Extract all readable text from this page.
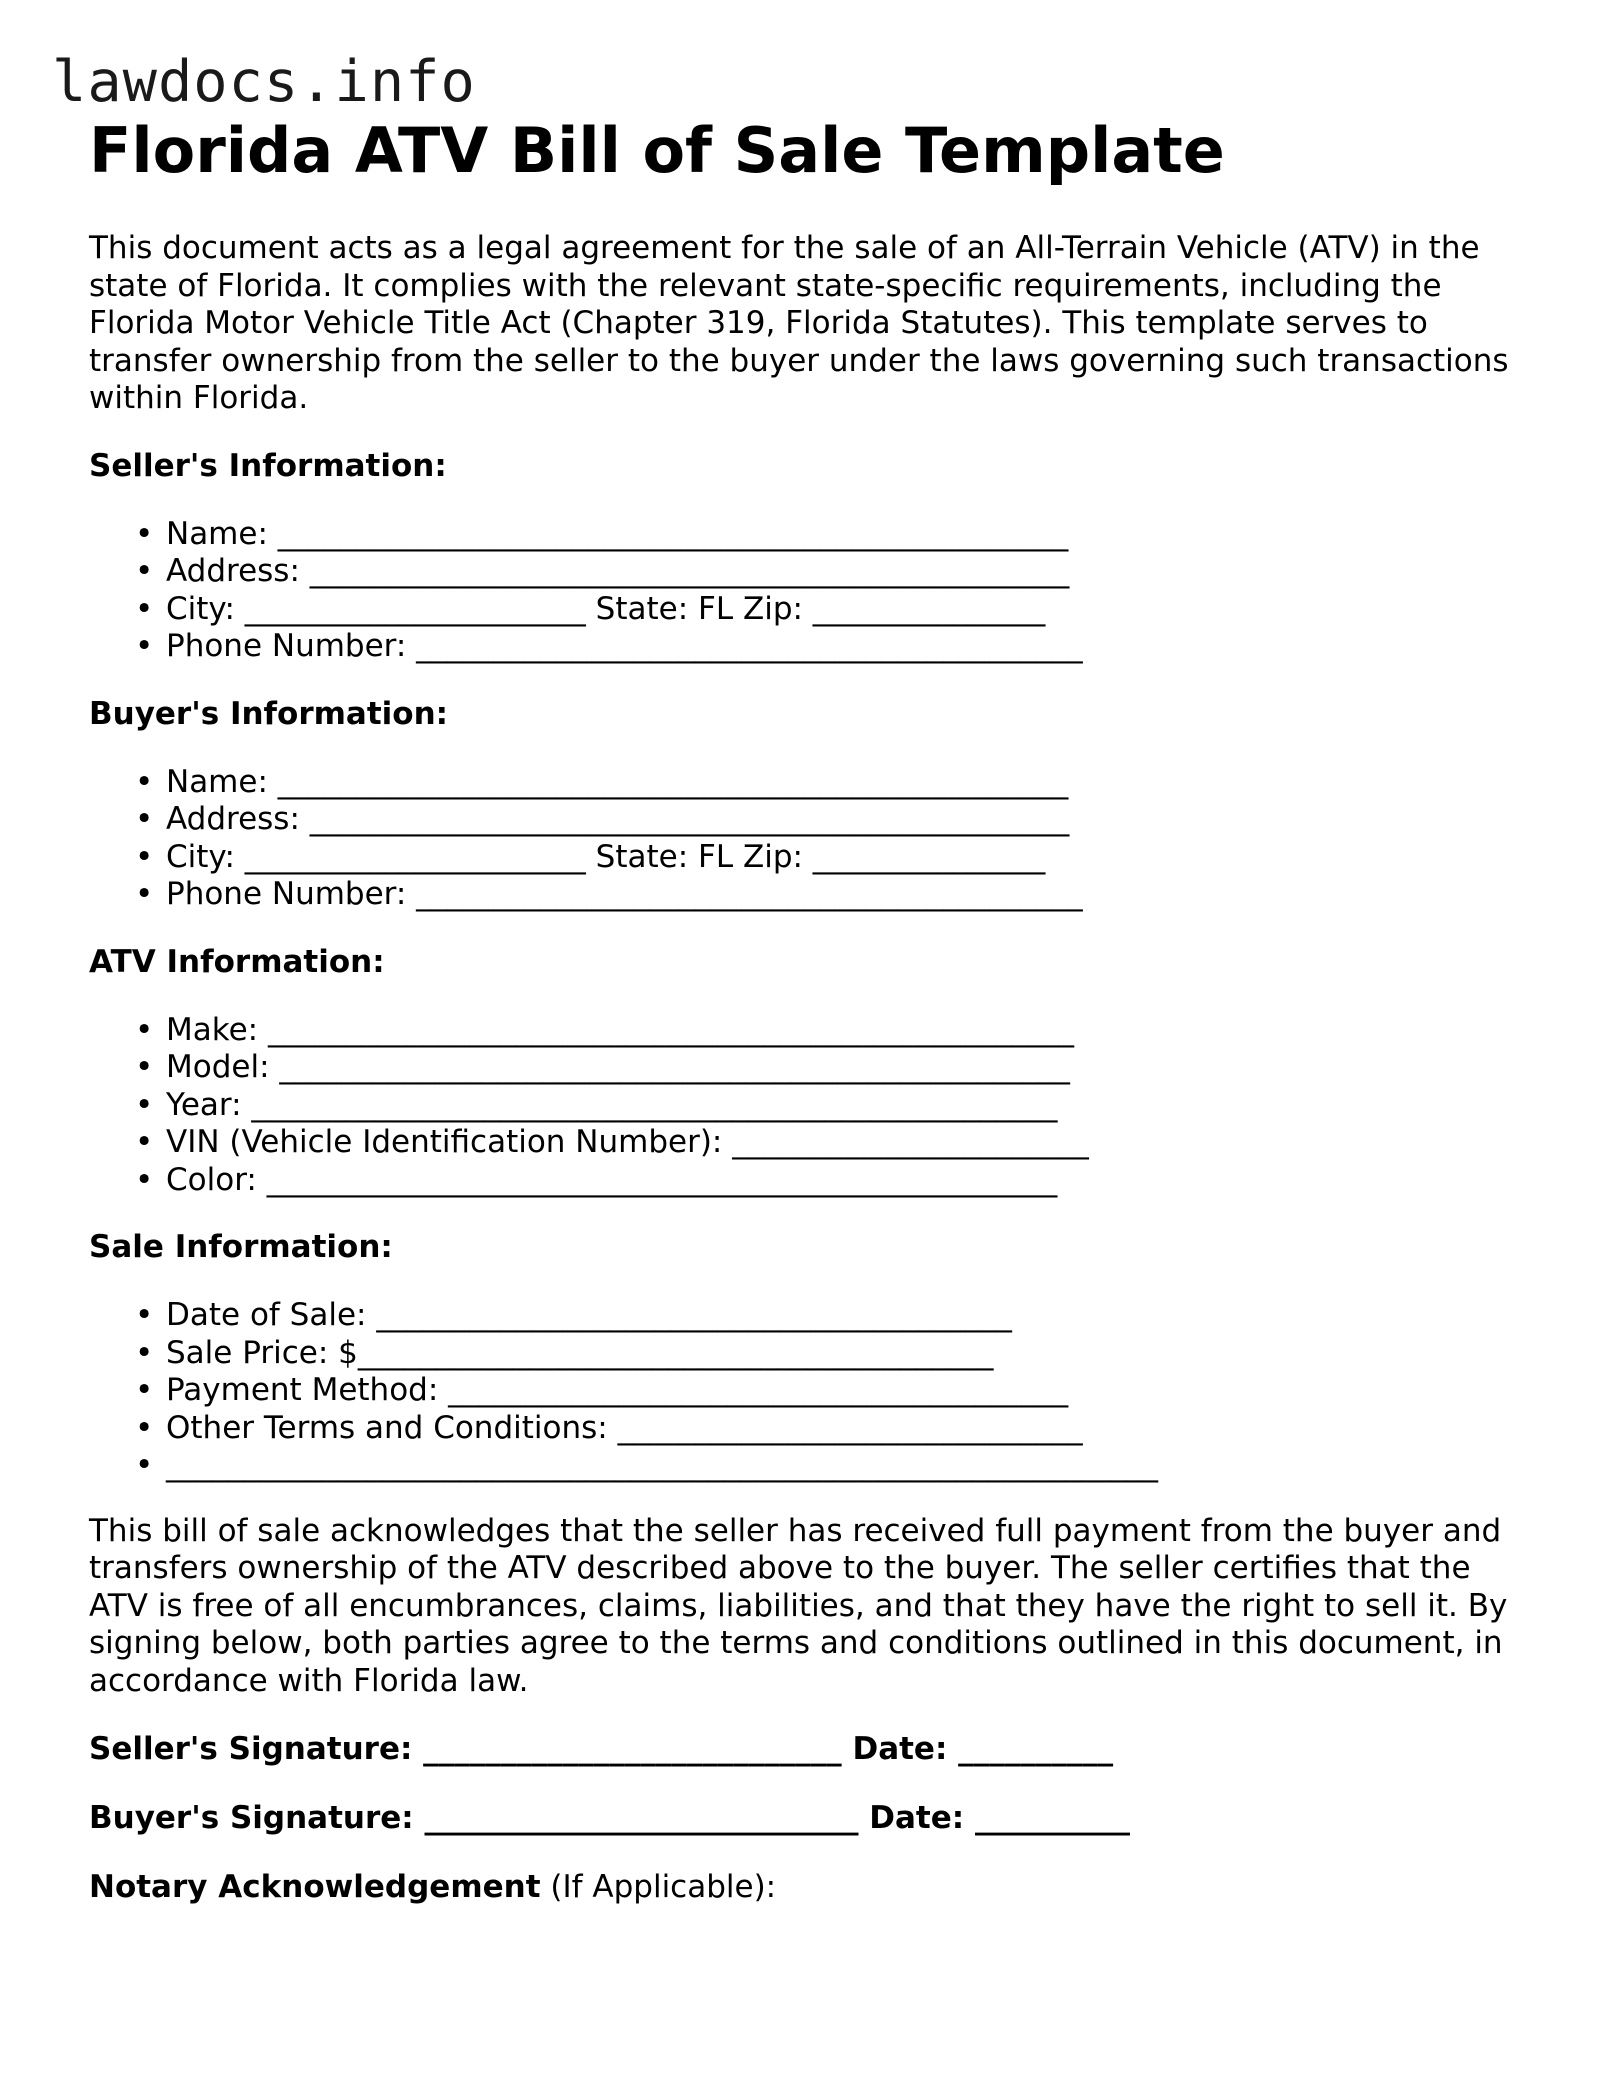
lawdocs.info
Florida ATV Bill of Sale Template

This document acts as a legal agreement for the sale of an All-Terrain Vehicle (ATV) in the state of Florida. It complies with the relevant state-specific requirements, including the Florida Motor Vehicle Title Act (Chapter 319, Florida Statutes). This template serves to transfer ownership from the seller to the buyer under the laws governing such transactions within Florida.

Seller's Information:
• Name: ___________________________________________________
• Address: _________________________________________________
• City: ______________________ State: FL Zip: _______________
• Phone Number: ___________________________________________
Buyer's Information:
• Name: ___________________________________________________
• Address: _________________________________________________
• City: ______________________ State: FL Zip: _______________
• Phone Number: ___________________________________________
ATV Information:
• Make: ____________________________________________________
• Model: ___________________________________________________
• Year: ____________________________________________________
• VIN (Vehicle Identification Number): _______________________
• Color: ___________________________________________________
Sale Information:
• Date of Sale: _________________________________________
• Sale Price: $_________________________________________
• Payment Method: ________________________________________
• Other Terms and Conditions: ______________________________
• ________________________________________________________________

This bill of sale acknowledges that the seller has received full payment from the buyer and transfers ownership of the ATV described above to the buyer. The seller certifies that the ATV is free of all encumbrances, claims, liabilities, and that they have the right to sell it. By signing below, both parties agree to the terms and conditions outlined in this document, in accordance with Florida law.

Seller's Signature: ___________________________ Date: __________
Buyer's Signature: ____________________________ Date: __________
Notary Acknowledgement (If Applicable):
